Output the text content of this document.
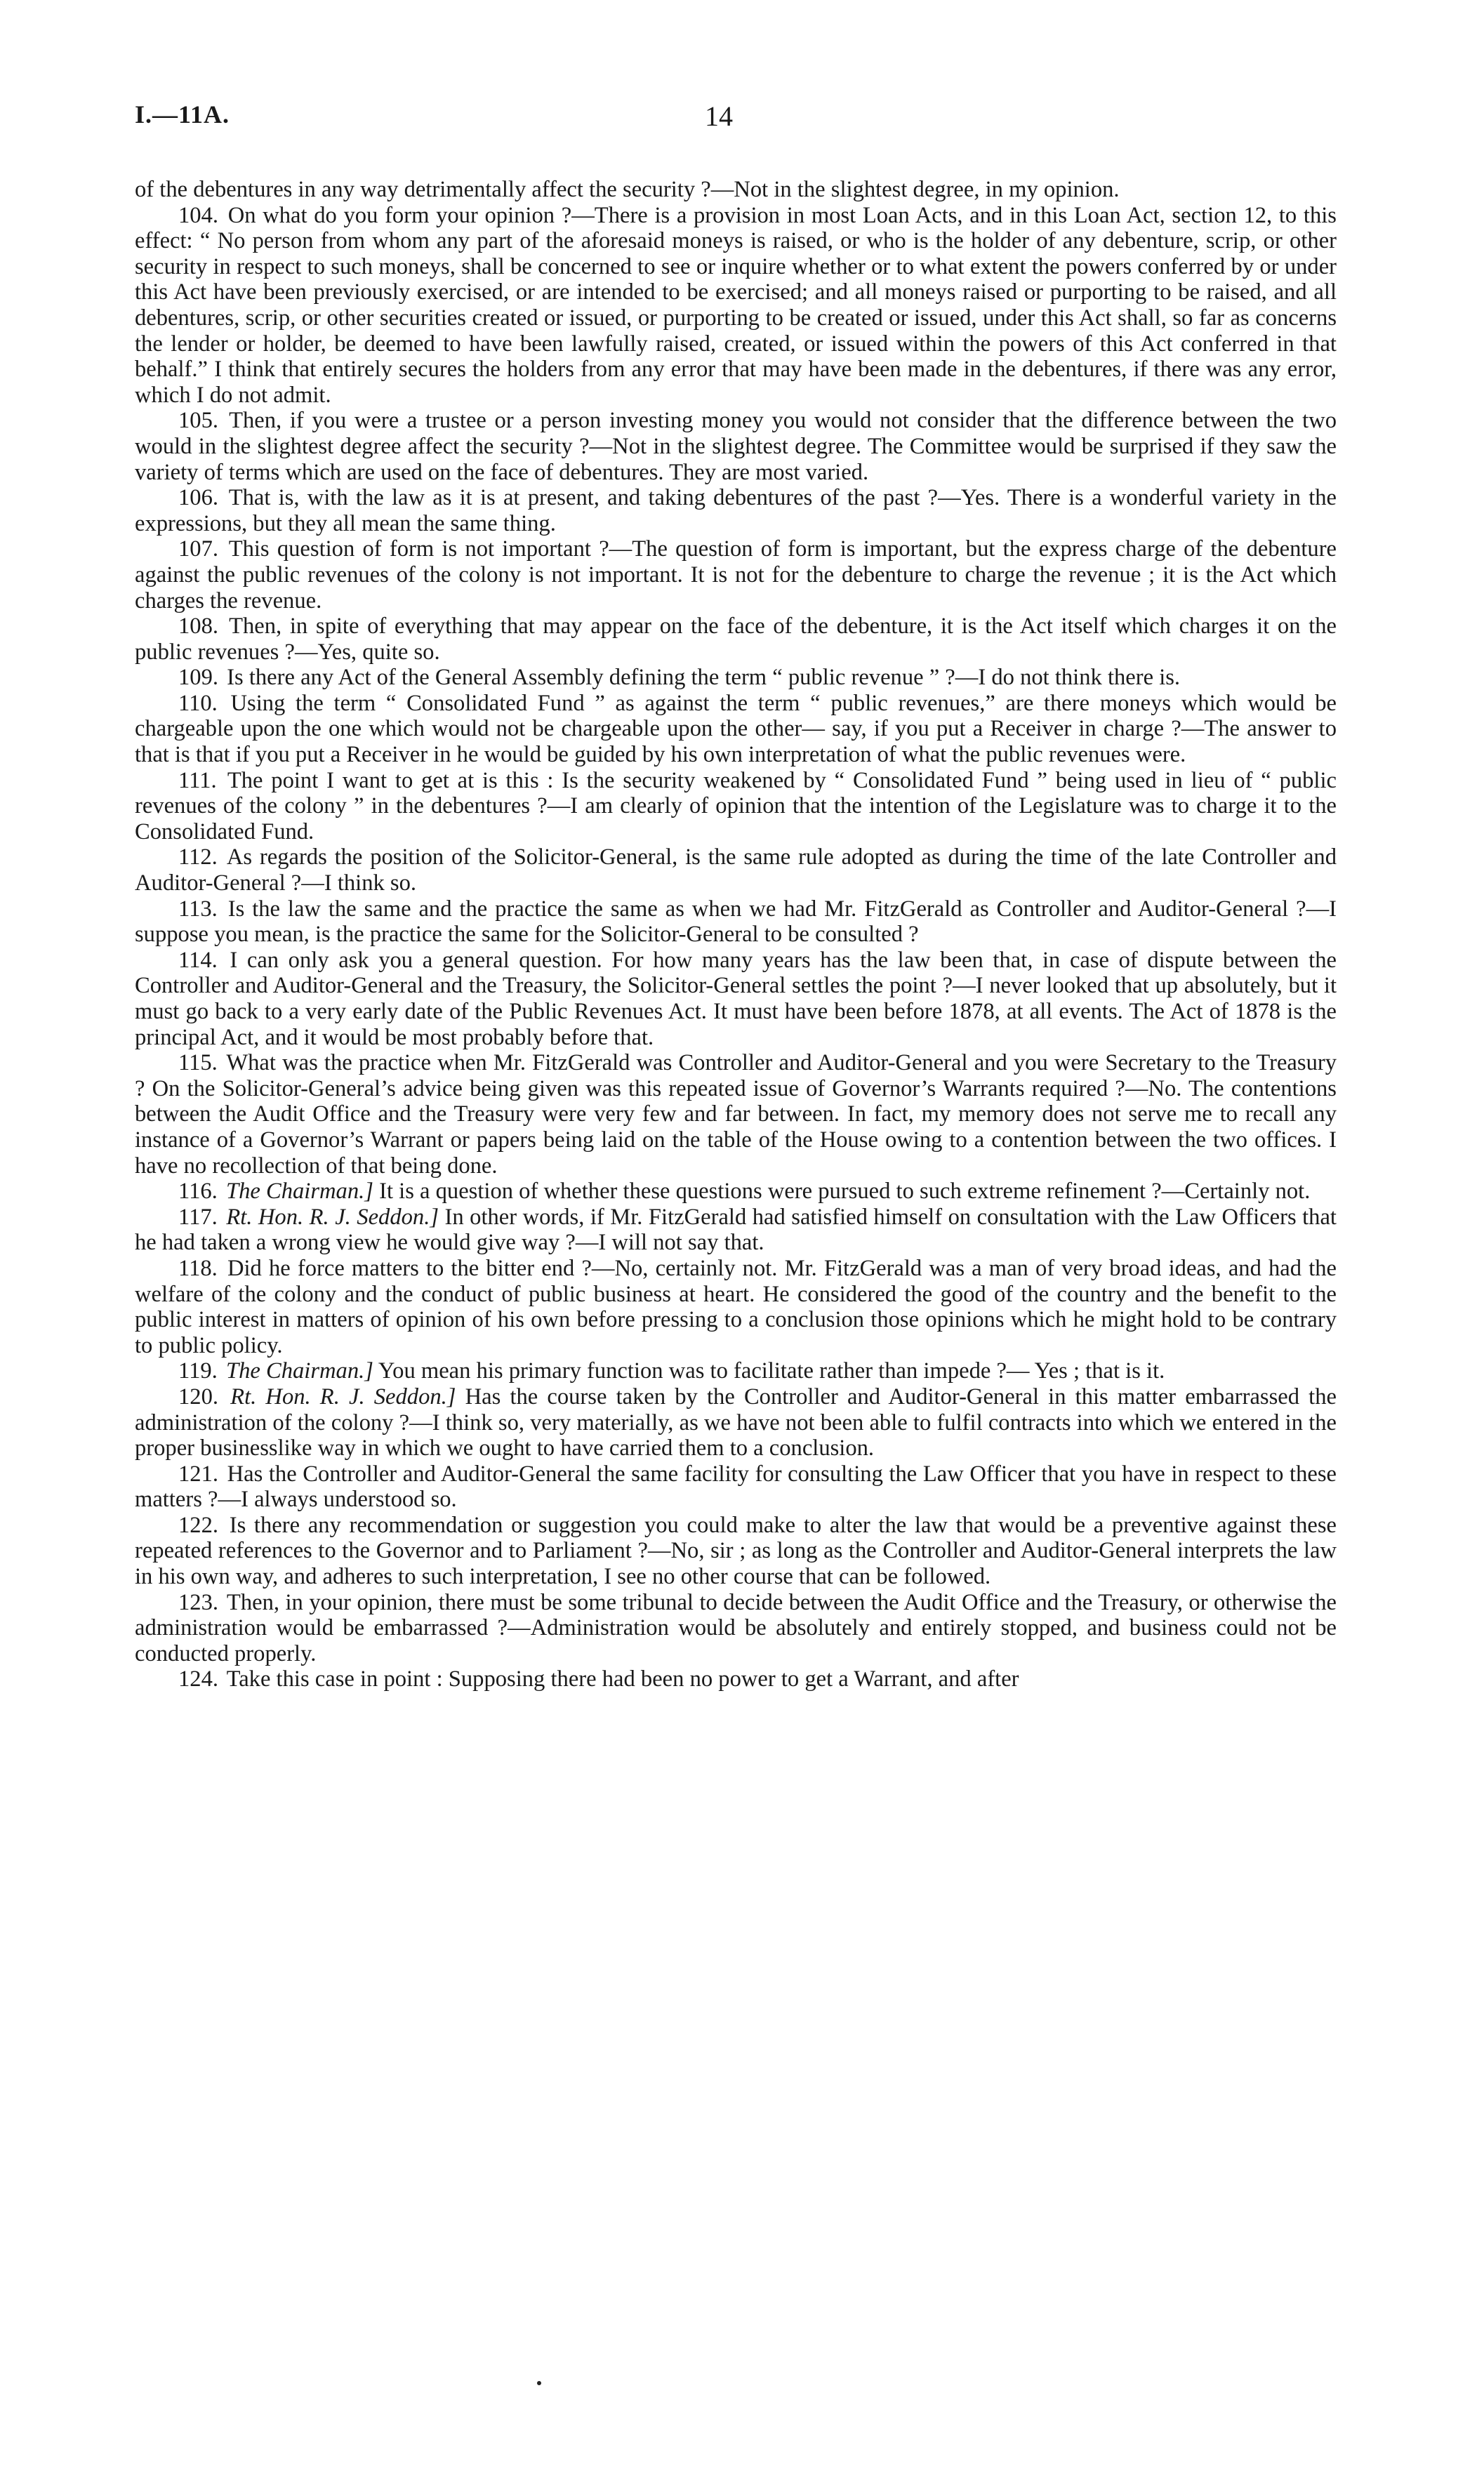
I.—11A.	14

of the debentures in any way detrimentally affect the security ?—Not in the slightest degree, in my opinion.

104. On what do you form your opinion ?—There is a provision in most Loan Acts, and in this Loan Act, section 12, to this effect: “ No person from whom any part of the aforesaid moneys is raised, or who is the holder of any debenture, scrip, or other security in respect to such moneys, shall be concerned to see or inquire whether or to what extent the powers conferred by or under this Act have been previously exercised, or are intended to be exercised; and all moneys raised or purporting to be raised, and all debentures, scrip, or other securities created or issued, or purporting to be created or issued, under this Act shall, so far as concerns the lender or holder, be deemed to have been lawfully raised, created, or issued within the powers of this Act conferred in that behalf.” I think that entirely secures the holders from any error that may have been made in the debentures, if there was any error, which I do not admit.

105. Then, if you were a trustee or a person investing money you would not consider that the difference between the two would in the slightest degree affect the security ?—Not in the slightest degree. The Committee would be surprised if they saw the variety of terms which are used on the face of debentures. They are most varied.

106. That is, with the law as it is at present, and taking debentures of the past ?—Yes. There is a wonderful variety in the expressions, but they all mean the same thing.

107. This question of form is not important ?—The question of form is important, but the express charge of the debenture against the public revenues of the colony is not important. It is not for the debenture to charge the revenue ; it is the Act which charges the revenue.

108. Then, in spite of everything that may appear on the face of the debenture, it is the Act itself which charges it on the public revenues ?—Yes, quite so.

109. Is there any Act of the General Assembly defining the term “ public revenue ” ?—I do not think there is.

110. Using the term “ Consolidated Fund ” as against the term “ public revenues,” are there moneys which would be chargeable upon the one which would not be chargeable upon the other— say, if you put a Receiver in charge ?—The answer to that is that if you put a Receiver in he would be guided by his own interpretation of what the public revenues were.

111. The point I want to get at is this : Is the security weakened by “ Consolidated Fund ” being used in lieu of “ public revenues of the colony ” in the debentures ?—I am clearly of opinion that the intention of the Legislature was to charge it to the Consolidated Fund.

112. As regards the position of the Solicitor-General, is the same rule adopted as during the time of the late Controller and Auditor-General ?—I think so.

113. Is the law the same and the practice the same as when we had Mr. FitzGerald as Controller and Auditor-General ?—I suppose you mean, is the practice the same for the Solicitor-General to be consulted ?

114. I can only ask you a general question. For how many years has the law been that, in case of dispute between the Controller and Auditor-General and the Treasury, the Solicitor-General settles the point ?—I never looked that up absolutely, but it must go back to a very early date of the Public Revenues Act. It must have been before 1878, at all events. The Act of 1878 is the principal Act, and it would be most probably before that.

115. What was the practice when Mr. FitzGerald was Controller and Auditor-General and you were Secretary to the Treasury ? On the Solicitor-General’s advice being given was this repeated issue of Governor’s Warrants required ?—No. The contentions between the Audit Office and the Treasury were very few and far between. In fact, my memory does not serve me to recall any instance of a Governor’s Warrant or papers being laid on the table of the House owing to a contention between the two offices. I have no recollection of that being done.

116. The Chairman.] It is a question of whether these questions were pursued to such extreme refinement ?—Certainly not.

117. Rt. Hon. R. J. Seddon.] In other words, if Mr. FitzGerald had satisfied himself on consultation with the Law Officers that he had taken a wrong view he would give way ?—I will not say that.

118. Did he force matters to the bitter end ?—No, certainly not. Mr. FitzGerald was a man of very broad ideas, and had the welfare of the colony and the conduct of public business at heart. He considered the good of the country and the benefit to the public interest in matters of opinion of his own before pressing to a conclusion those opinions which he might hold to be contrary to public policy.

119. The Chairman.] You mean his primary function was to facilitate rather than impede ?— Yes ; that is it.

120. Rt. Hon. R. J. Seddon.] Has the course taken by the Controller and Auditor-General in this matter embarrassed the administration of the colony ?—I think so, very materially, as we have not been able to fulfil contracts into which we entered in the proper businesslike way in which we ought to have carried them to a conclusion.

121. Has the Controller and Auditor-General the same facility for consulting the Law Officer that you have in respect to these matters ?—I always understood so.

122. Is there any recommendation or suggestion you could make to alter the law that would be a preventive against these repeated references to the Governor and to Parliament ?—No, sir ; as long as the Controller and Auditor-General interprets the law in his own way, and adheres to such interpretation, I see no other course that can be followed.

123. Then, in your opinion, there must be some tribunal to decide between the Audit Office and the Treasury, or otherwise the administration would be embarrassed ?—Administration would be absolutely and entirely stopped, and business could not be conducted properly.

124. Take this case in point : Supposing there had been no power to get a Warrant, and after
